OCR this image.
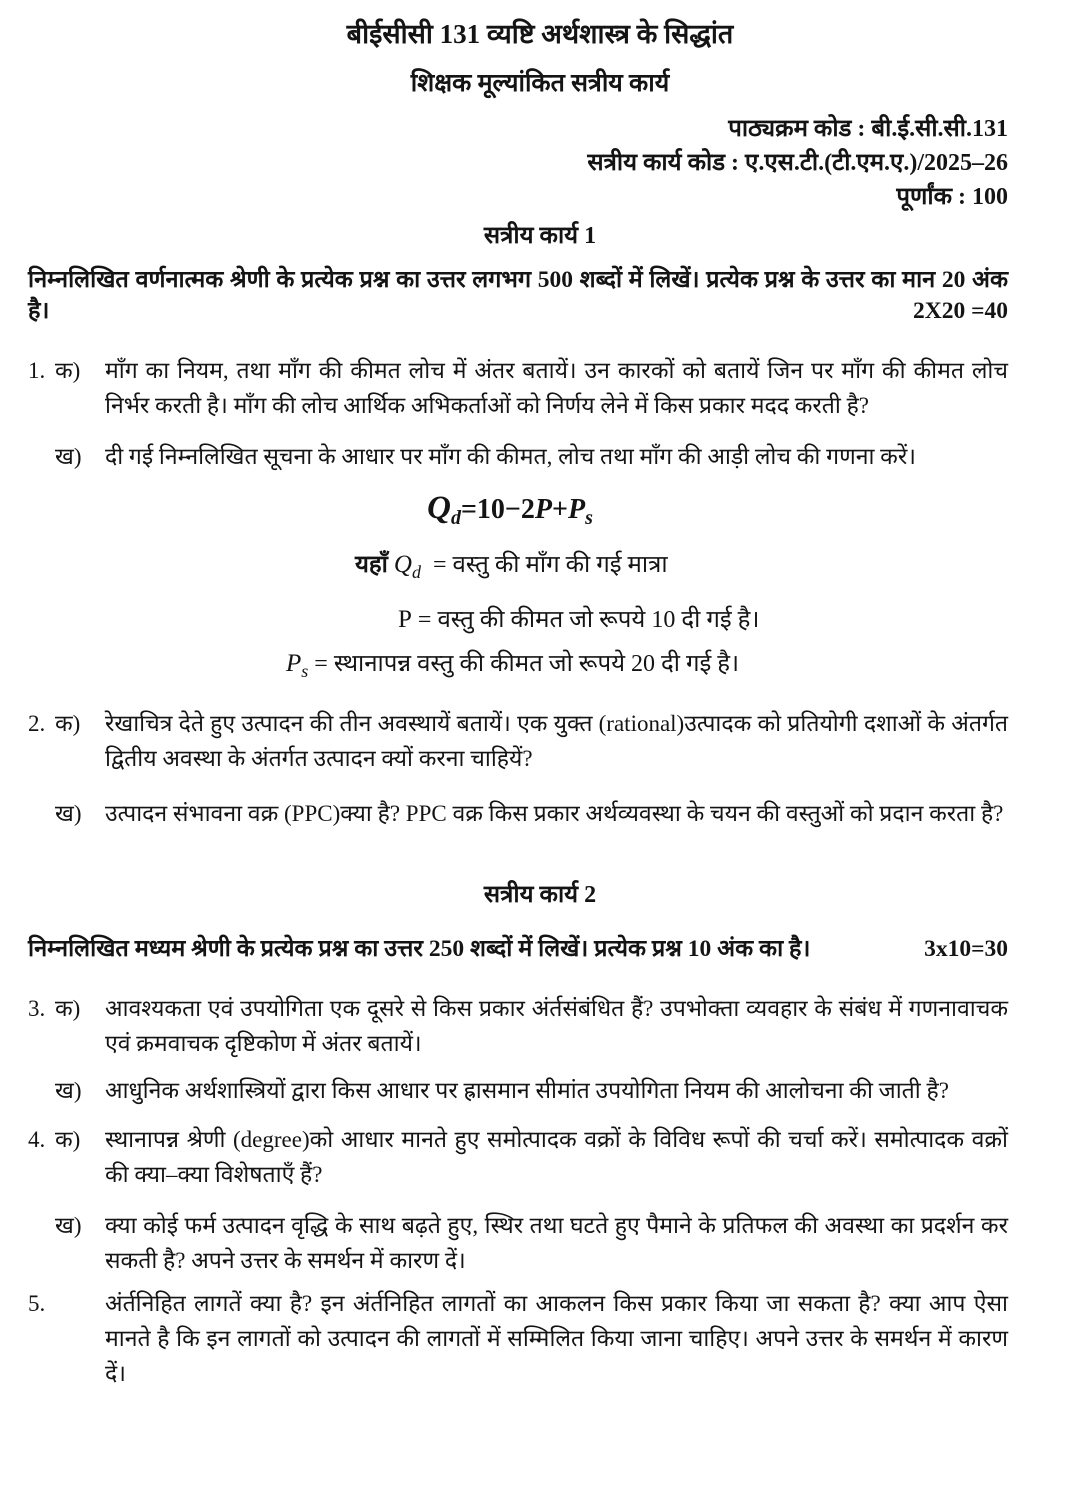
बीईसीसी 131 व्यष्टि अर्थशास्त्र के सिद्धांत
शिक्षक मूल्यांकित सत्रीय कार्य
पाठ्यक्रम कोड : बी.ई.सी.सी.131
सत्रीय कार्य कोड : ए.एस.टी.(टी.एम.ए.)/2025–26
पूर्णांक : 100
सत्रीय कार्य 1
निम्नलिखित वर्णनात्मक श्रेणी के प्रत्येक प्रश्न का उत्तर लगभग 500 शब्दों में लिखें। प्रत्येक प्रश्न के उत्तर का मान 20 अंक है।	2X20 =40
1. क)	माँग का नियम, तथा माँग की कीमत लोच में अंतर बतायें। उन कारकों को बतायें जिन पर माँग की कीमत लोच निर्भर करती है। माँग की लोच आर्थिक अभिकर्ताओं को निर्णय लेने में किस प्रकार मदद करती है?

ख)	दी गई निम्नलिखित सूचना के आधार पर माँग की कीमत, लोच तथा माँग की आड़ी लोच की गणना करें।

$Q_d=10-2P+P_s$
यहाँ $Q_d$ = वस्तु की माँग की गई मात्रा
P = वस्तु की कीमत जो रूपये 10 दी गई है।
$P_s$ = स्थानापन्न वस्तु की कीमत जो रूपये 20 दी गई है।
2. क)	रेखाचित्र देते हुए उत्पादन की तीन अवस्थायें बतायें। एक युक्त (rational)उत्पादक को प्रतियोगी दशाओं के अंतर्गत द्वितीय अवस्था के अंतर्गत उत्पादन क्यों करना चाहियें?

ख)	उत्पादन संभावना वक्र (PPC)क्या है? PPC वक्र किस प्रकार अर्थव्यवस्था के चयन की वस्तुओं को प्रदान करता है?

सत्रीय कार्य 2
निम्नलिखित मध्यम श्रेणी के प्रत्येक प्रश्न का उत्तर 250 शब्दों में लिखें। प्रत्येक प्रश्न 10 अंक का है।	3x10=30
3. क)	आवश्यकता एवं उपयोगिता एक दूसरे से किस प्रकार अंर्तसंबंधित हैं? उपभोक्ता व्यवहार के संबंध में गणनावाचक एवं क्रमवाचक दृष्टिकोण में अंतर बतायें।

ख)	आधुनिक अर्थशास्त्रियों द्वारा किस आधार पर ह्रासमान सीमांत उपयोगिता नियम की आलोचना की जाती है?

4. क)	स्थानापन्न श्रेणी (degree)को आधार मानते हुए समोत्पादक वक्रों के विविध रूपों की चर्चा करें। समोत्पादक वक्रों की क्या–क्या विशेषताएँ हैं?

ख)	क्या कोई फर्म उत्पादन वृद्धि के साथ बढ़ते हुए, स्थिर तथा घटते हुए पैमाने के प्रतिफल की अवस्था का प्रदर्शन कर सकती है? अपने उत्तर के समर्थन में कारण दें।

5.	अंर्तनिहित लागतें क्या है? इन अंर्तनिहित लागतों का आकलन किस प्रकार किया जा सकता है? क्या आप ऐसा मानते है कि इन लागतों को उत्पादन की लागतों में सम्मिलित किया जाना चाहिए। अपने उत्तर के समर्थन में कारण दें।
